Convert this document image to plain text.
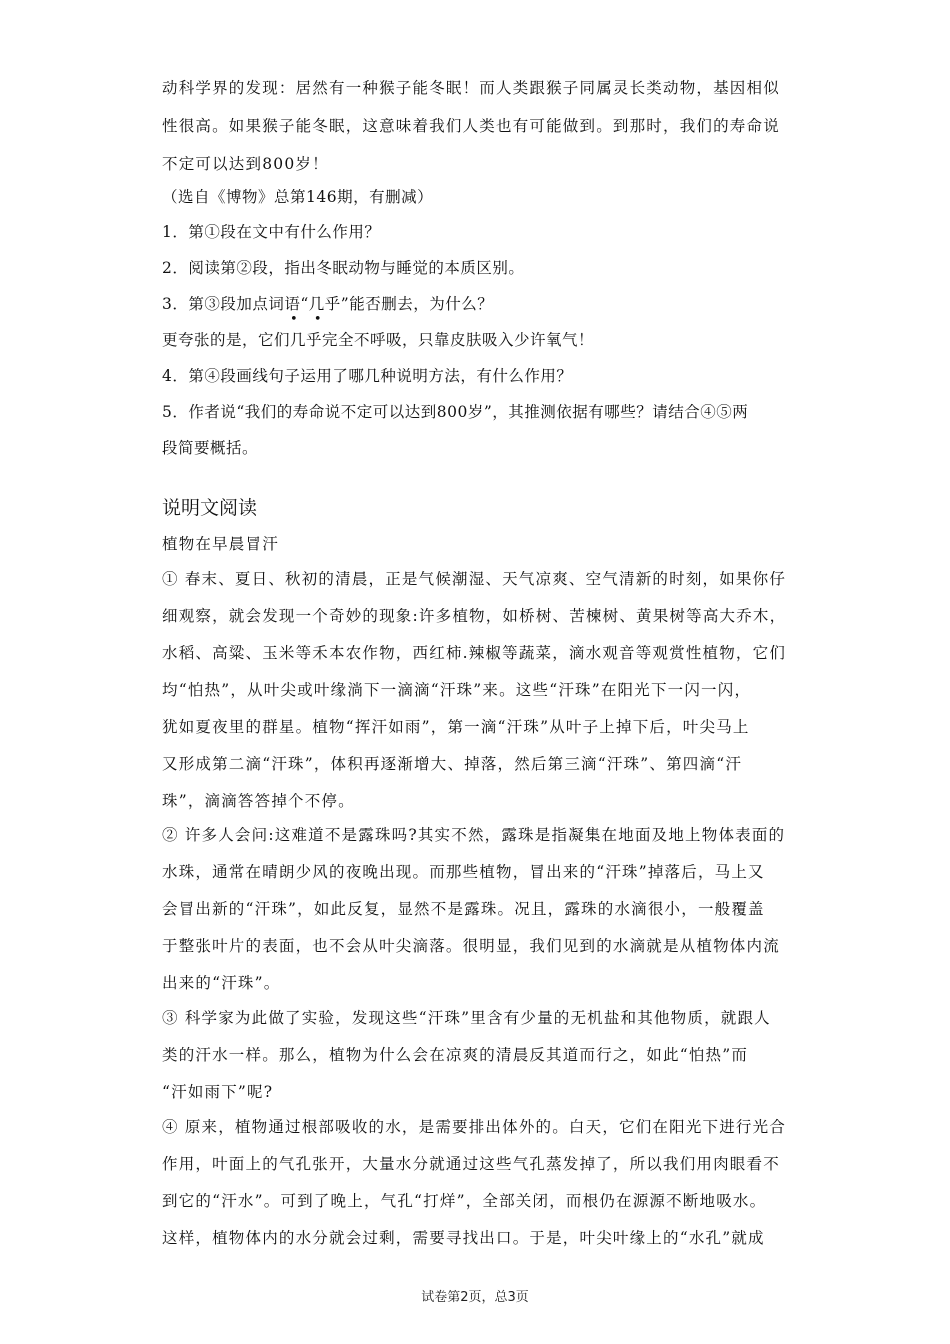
动科学界的发现：居然有一种猴子能冬眠！而人类跟猴子同属灵长类动物，基因相似
性很高。如果猴子能冬眠，这意味着我们人类也有可能做到。到那时，我们的寿命说
不定可以达到800岁！
（选自《博物》总第146期，有删减）
1．第①段在文中有什么作用？
2．阅读第②段，指出冬眠动物与睡觉的本质区别。
3．第③段加点词语“几乎”能否删去，为什么？
更夸张的是，它们
• •
几乎完全不呼吸，只靠皮肤吸入少许氧气！
4．第④段画线句子运用了哪几种说明方法，有什么作用？
5．作者说“我们的寿命说不定可以达到800岁”，其推测依据有哪些？请结合④⑤两
段简要概括。
说明文阅读
植物在早晨冒汗
① 春末、夏日、秋初的清晨，正是气候潮湿、天气凉爽、空气清新的时刻，如果你仔
细观察，就会发现一个奇妙的现象:许多植物，如桥树、苦楝树、黄果树等高大乔木，
水稻、高粱、玉米等禾本农作物，西红柿.辣椒等蔬菜，滴水观音等观赏性植物，它们
均“怕热”，从叶尖或叶缘淌下一滴滴“汗珠”来。这些“汗珠”在阳光下一闪一闪，
犹如夏夜里的群星。植物“挥汗如雨”，第一滴“汗珠”从叶子上掉下后，叶尖马上
又形成第二滴“汗珠”，体积再逐渐增大、掉落，然后第三滴“汗珠”、第四滴“汗
珠”，滴滴答答掉个不停。
② 许多人会问:这难道不是露珠吗?其实不然，露珠是指凝集在地面及地上物体表面的
水珠，通常在晴朗少风的夜晚出现。而那些植物，冒出来的“汗珠”掉落后，马上又
会冒出新的“汗珠”，如此反复，显然不是露珠。况且，露珠的水滴很小，一般覆盖
于整张叶片的表面，也不会从叶尖滴落。很明显，我们见到的水滴就是从植物体内流
出来的“汗珠”。
③ 科学家为此做了实验，发现这些“汗珠”里含有少量的无机盐和其他物质，就跟人
类的汗水一样。那么，植物为什么会在凉爽的清晨反其道而行之，如此“怕热”而
“汗如雨下”呢?
④ 原来，植物通过根部吸收的水，是需要排出体外的。白天，它们在阳光下进行光合
作用，叶面上的气孔张开，大量水分就通过这些气孔蒸发掉了，所以我们用肉眼看不
到它的“汗水”。可到了晚上，气孔“打烊”，全部关闭，而根仍在源源不断地吸水。
这样，植物体内的水分就会过剩，需要寻找出口。于是，叶尖叶缘上的“水孔”就成
试卷第2页，总3页
